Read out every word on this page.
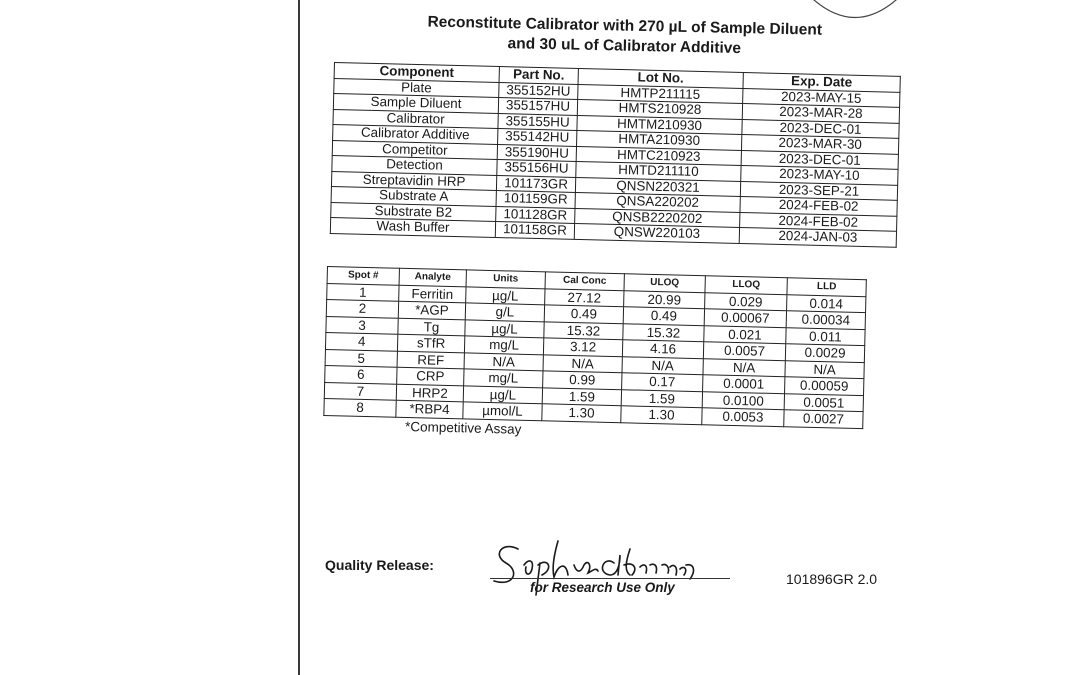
Reconstitute Calibrator with 270 µL of Sample Diluent
and 30 uL of Calibrator Additive
Component	Part No.	Lot No.	Exp. Date
Plate	355152HU	HMTP211115	2023-MAY-15
Sample Diluent	355157HU	HMTS210928	2023-MAR-28
Calibrator	355155HU	HMTM210930	2023-DEC-01
Calibrator Additive	355142HU	HMTA210930	2023-MAR-30
Competitor	355190HU	HMTC210923	2023-DEC-01
Detection	355156HU	HMTD211110	2023-MAY-10
Streptavidin HRP	101173GR	QNSN220321	2023-SEP-21
Substrate A	101159GR	QNSA220202	2024-FEB-02
Substrate B2	101128GR	QNSB2220202	2024-FEB-02
Wash Buffer	101158GR	QNSW220103	2024-JAN-03
Spot #	Analyte	Units	Cal Conc	ULOQ	LLOQ	LLD
1	Ferritin	µg/L	27.12	20.99	0.029	0.014
2	*AGP	g/L	0.49	0.49	0.00067	0.00034
3	Tg	µg/L	15.32	15.32	0.021	0.011
4	sTfR	mg/L	3.12	4.16	0.0057	0.0029
5	REF	N/A	N/A	N/A	N/A	N/A
6	CRP	mg/L	0.99	0.17	0.0001	0.00059
7	HRP2	µg/L	1.59	1.59	0.0100	0.0051
8	*RBP4	µmol/L	1.30	1.30	0.0053	0.0027
*Competitive Assay
Quality Release:
for Research Use Only
101896GR 2.0
